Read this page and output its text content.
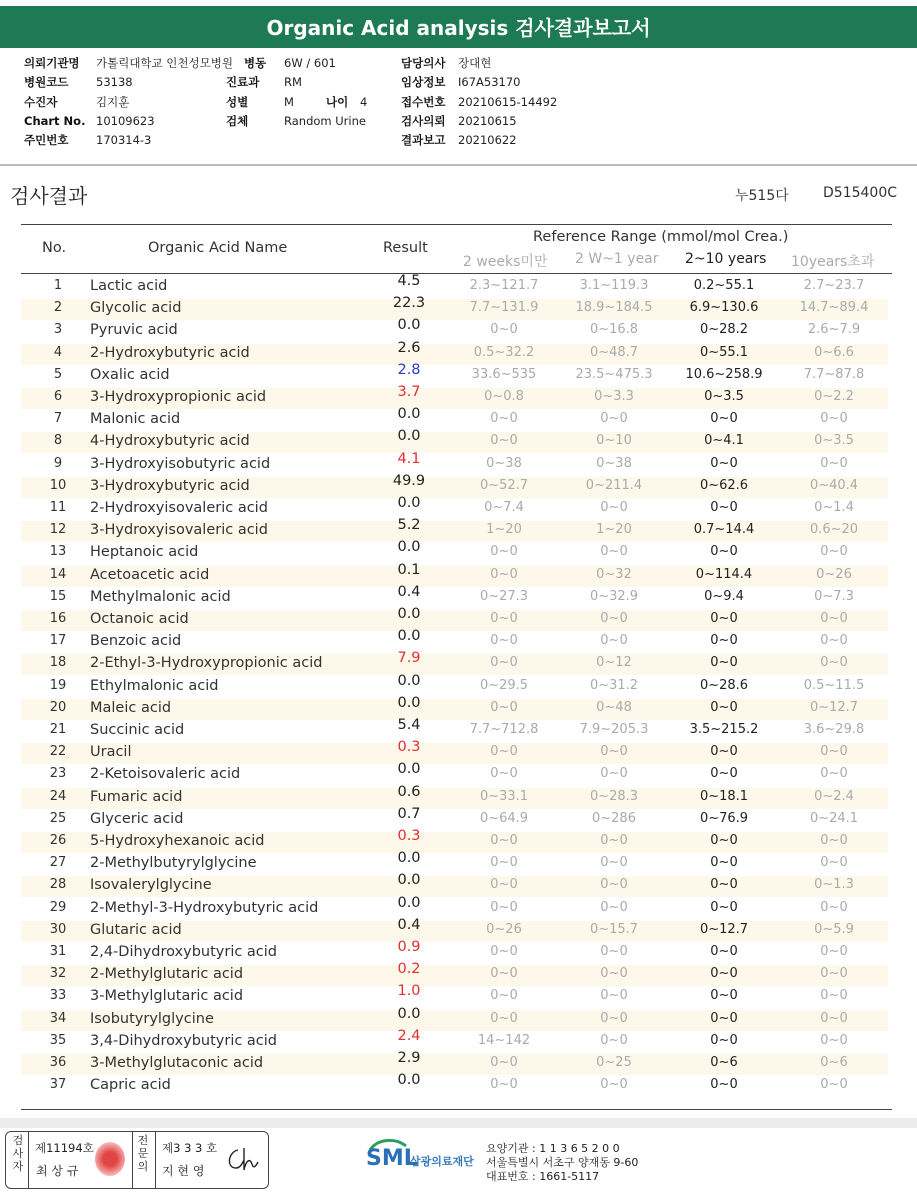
Organic Acid analysis 검사결과보고서
의뢰기관명 가톨릭대학교 인천성모병원 병동 6W / 601	담당의사 장대현
병원코드 53138	진료과 RM	임상정보 I67A53170
수진자	김지훈	성별	M	나이 4	접수번호 20210615-14492
Chart No. 10109623	검체	Random Urine	검사의뢰 20210615
주민번호 170314-3	결과보고 20210622
검사결과	누515다 D515400C
No.	Organic Acid Name	Result
Reference Range (mmol/mol Crea.)
2 weeks미만 2 W~1 year 2~10 years 10years초과
1	Lactic acid	4.5	2.3~121.7	3.1~119.3	0.2~55.1	2.7~23.7
2	Glycolic acid	22.3	7.7~131.9	18.9~184.5	6.9~130.6	14.7~89.4
3	Pyruvic acid	0.0	0~0	0~16.8	0~28.2	2.6~7.9
4	2-Hydroxybutyric acid	2.6	0.5~32.2	0~48.7	0~55.1	0~6.6
5	Oxalic acid	2.8	33.6~535	23.5~475.3	10.6~258.9	7.7~87.8
6	3-Hydroxypropionic acid	3.7	0~0.8	0~3.3	0~3.5	0~2.2
7	Malonic acid	0.0	0~0	0~0	0~0	0~0
8	4-Hydroxybutyric acid	0.0	0~0	0~10	0~4.1	0~3.5
9	3-Hydroxyisobutyric acid	4.1	0~38	0~38	0~0	0~0
10	3-Hydroxybutyric acid	49.9	0~52.7	0~211.4	0~62.6	0~40.4
11	2-Hydroxyisovaleric acid	0.0	0~7.4	0~0	0~0	0~1.4
12	3-Hydroxyisovaleric acid	5.2	1~20	1~20	0.7~14.4	0.6~20
13	Heptanoic acid	0.0	0~0	0~0	0~0	0~0
14	Acetoacetic acid	0.1	0~0	0~32	0~114.4	0~26
15	Methylmalonic acid	0.4	0~27.3	0~32.9	0~9.4	0~7.3
16	Octanoic acid	0.0	0~0	0~0	0~0	0~0
17	Benzoic acid	0.0	0~0	0~0	0~0	0~0
18	2-Ethyl-3-Hydroxypropionic acid	7.9	0~0	0~12	0~0	0~0
19	Ethylmalonic acid	0.0	0~29.5	0~31.2	0~28.6	0.5~11.5
20	Maleic acid	0.0	0~0	0~48	0~0	0~12.7
21	Succinic acid	5.4	7.7~712.8	7.9~205.3	3.5~215.2	3.6~29.8
22	Uracil	0.3	0~0	0~0	0~0	0~0
23	2-Ketoisovaleric acid	0.0	0~0	0~0	0~0	0~0
24	Fumaric acid	0.6	0~33.1	0~28.3	0~18.1	0~2.4
25	Glyceric acid	0.7	0~64.9	0~286	0~76.9	0~24.1
26	5-Hydroxyhexanoic acid	0.3	0~0	0~0	0~0	0~0
27	2-Methylbutyrylglycine	0.0	0~0	0~0	0~0	0~0
28	Isovalerylglycine	0.0	0~0	0~0	0~0	0~1.3
29	2-Methyl-3-Hydroxybutyric acid	0.0	0~0	0~0	0~0	0~0
30	Glutaric acid	0.4	0~26	0~15.7	0~12.7	0~5.9
31	2,4-Dihydroxybutyric acid	0.9	0~0	0~0	0~0	0~0
32	2-Methylglutaric acid	0.2	0~0	0~0	0~0	0~0
33	3-Methylglutaric acid	1.0	0~0	0~0	0~0	0~0
34	Isobutyrylglycine	0.0	0~0	0~0	0~0	0~0
35	3,4-Dihydroxybutyric acid	2.4	14~142	0~0	0~0	0~0
36	3-Methylglutaconic acid	2.9	0~0	0~25	0~6	0~6
37	Capric acid	0.0	0~0	0~0	0~0	0~0
검사자
제11194호
최 상 규
전문의
제3 3 3 호
지 현 영	SML
삼광의료재단
요양기관 : 1 1 3 6 5 2 0 0
서울특별시 서초구 양재동 9-60
대표번호 : 1661-5117
